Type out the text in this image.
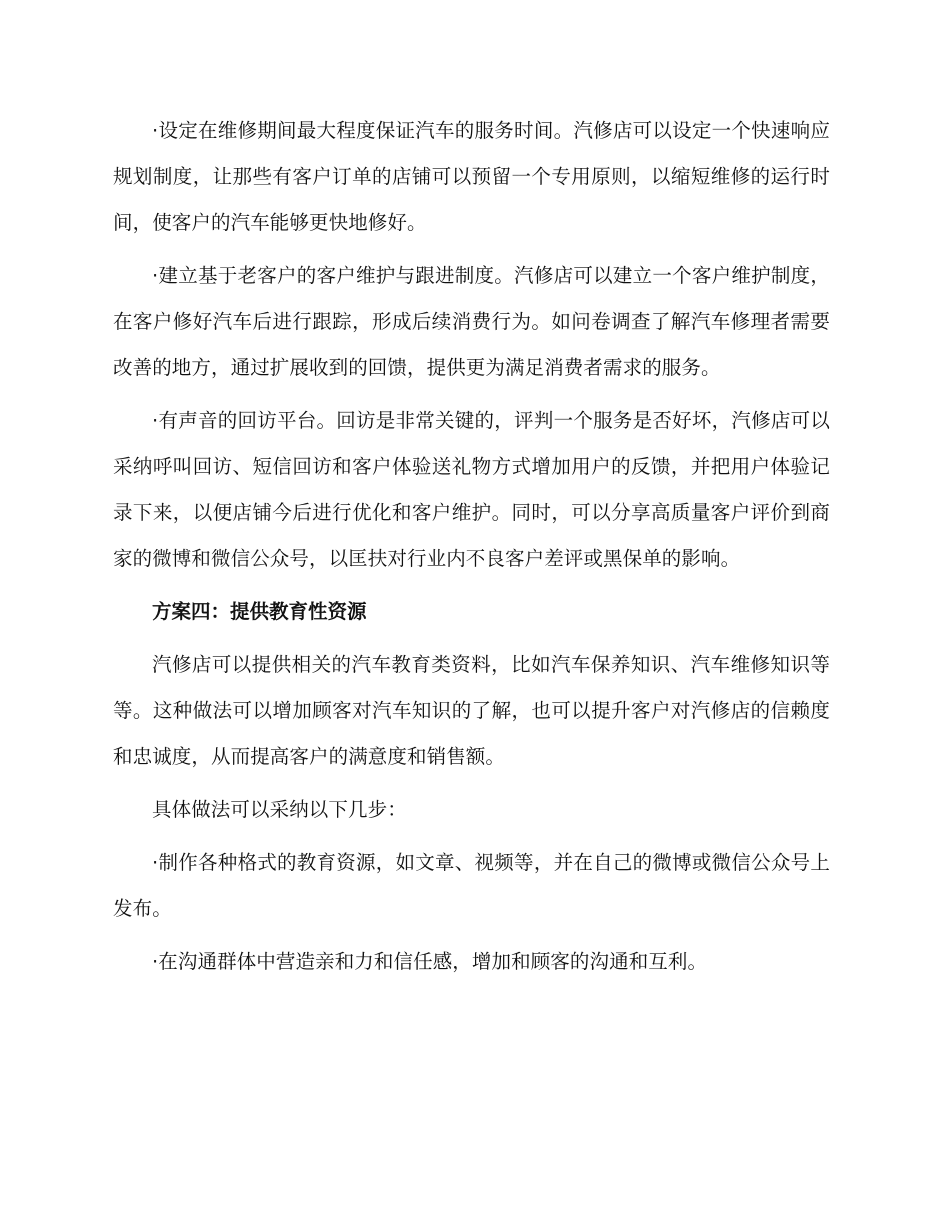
·设定在维修期间最大程度保证汽车的服务时间。汽修店可以设定一个快速响应规划制度，让那些有客户订单的店铺可以预留一个专用原则，以缩短维修的运行时间，使客户的汽车能够更快地修好。

·建立基于老客户的客户维护与跟进制度。汽修店可以建立一个客户维护制度，在客户修好汽车后进行跟踪，形成后续消费行为。如问卷调查了解汽车修理者需要改善的地方，通过扩展收到的回馈，提供更为满足消费者需求的服务。

·有声音的回访平台。回访是非常关键的，评判一个服务是否好坏，汽修店可以采纳呼叫回访、短信回访和客户体验送礼物方式增加用户的反馈，并把用户体验记录下来，以便店铺今后进行优化和客户维护。同时，可以分享高质量客户评价到商家的微博和微信公众号，以匡扶对行业内不良客户差评或黑保单的影响。

方案四：提供教育性资源

汽修店可以提供相关的汽车教育类资料，比如汽车保养知识、汽车维修知识等等。这种做法可以增加顾客对汽车知识的了解，也可以提升客户对汽修店的信赖度和忠诚度，从而提高客户的满意度和销售额。

具体做法可以采纳以下几步：

·制作各种格式的教育资源，如文章、视频等，并在自己的微博或微信公众号上发布。

·在沟通群体中营造亲和力和信任感，增加和顾客的沟通和互利。
